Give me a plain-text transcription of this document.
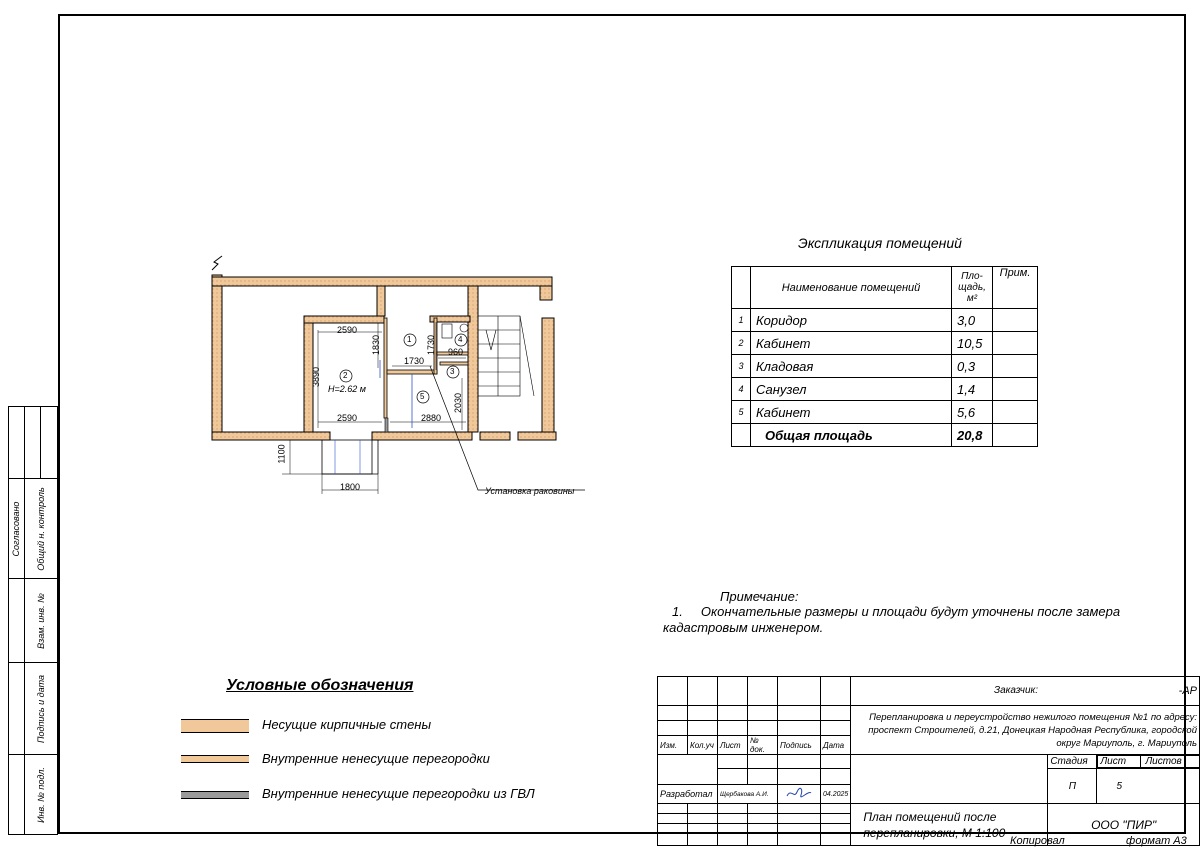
Согласовано	Общий н. контроль	

	Взам. инв. №	

	Подпись и дата	

	Инв. № подл.	
2590
1830	1730
1730
960
3890
H=2.62 м
2590	2880
2030
1100
1800
1
2	3
4
5
Установка раковины
Экспликация помещений
	Наименование помещений	Пло-
щадь,
м²	Прим.
1	Коридор	3,0	
2	Кабинет	10,5	
3	Кладовая	0,3	
4	Санузел	1,4	
5	Кабинет	5,6	
	Общая площадь	20,8	
Примечание:
1.     Окончательные размеры и площади будут уточнены после замера
кадастровым инженером.
Условные обозначения
Несущие кирпичные стены
Внутренние ненесущие перегородки
Внутренние ненесущие перегородки из ГВЛ
						Заказчик: -АР		

						Перепланировка и переустройство нежилого помещения №1 по адресу: проспект Строителей, д.21, Донецкая Народная Республика, городской округ Мариуполь, г. Мариуполь		

Изм.	Кол.уч	Лист	№ док.	Подпись	Дата			
							Стадия	Лист	Листов

							П	5
Разработал		Щербакова А.И.			04.2025			
						План помещений после перепланировки, М 1:100	ООО "ПИР"	

Копировал	формат А3
